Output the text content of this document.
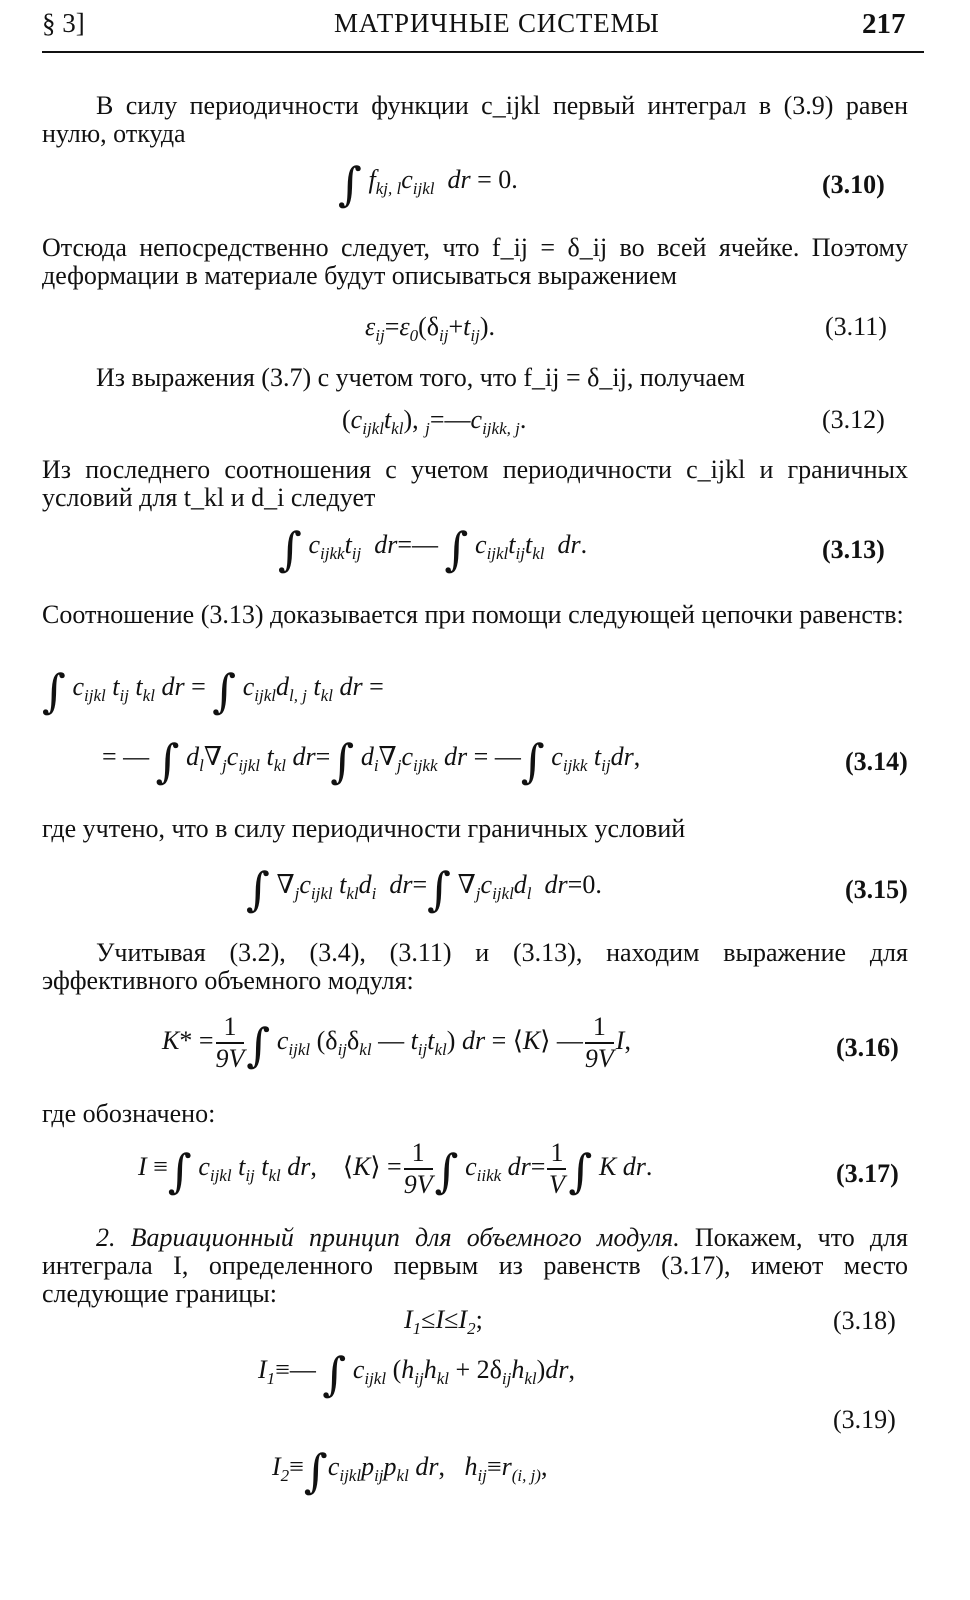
§ 3]	МАТРИЧНЫЕ СИСТЕМЫ	217
В силу периодичности функции c_ijkl первый интеграл в (3.9) равен нулю, откуда
∫ $f_{kj, l}c_{ijkl}$  dr = 0.	(3.10)
Отсюда непосредственно следует, что f_ij = δ_ij во всей ячейке. Поэтому деформации в материале будут описываться выражением
$\varepsilon_{ij}=\varepsilon_0(\delta_{ij}+t_{ij})$.	(3.11)
Из выражения (3.7) с учетом того, что f_ij = δ_ij, получаем
$(c_{ijkl}t_{kl})$, $_j=—c_{ijkk, j}$.	(3.12)
Из последнего соотношения с учетом периодичности c_ijkl и граничных условий для t_kl и d_i следует
∫ $c_{ijkk}t_{ij}$  dr=— ∫ $c_{ijkl}t_{ij}t_{kl}$  dr.	(3.13)
Соотношение (3.13) доказывается при помощи следующей цепочки равенств:
∫ $c_{ijkl}$ $t_{ij}$ $t_{kl}$ dr = ∫ $c_{ijkl}d_{l, j}$ $t_{kl}$ dr =
= — ∫ $d_l\nabla_jc_{ijkl}$ $t_{kl}$ dr=∫ $d_i\nabla_jc_{ijkk}$ dr = —∫ $c_{ijkk}$ $t_{ij}dr$,	(3.14)
где учтено, что в силу периодичности граничных условий
∫ $\nabla_jc_{ijkl}$ $t_{kl}d_i$  dr=∫ $\nabla_jc_{ijkl}d_l$  dr=0.	(3.15)
Учитывая (3.2), (3.4), (3.11) и (3.13), находим выражение для эффективного объемного модуля:
$K* = \frac{1}{9V}$ ∫ $c_{ijkl}$ ($\delta_{ij}\delta_{kl}$ — $t_{ij}t_{kl}$) dr = ⟨K⟩ — $\frac{1}{9V} I$,	(3.16)
где обозначено:
I ≡∫ $c_{ijkl}$ $t_{ij}$ $t_{kl}$ dr, ⟨K⟩ = $\frac{1}{9V}$ ∫ $c_{iikk}$ $dr= \frac{1}{V}$ ∫ K dr.	(3.17)
2. Вариационный принцип для объемного модуля. Покажем, что для интеграла I, определенного первым из равенств (3.17), имеют место следующие границы:
$I_1\le I\le I_2$;	(3.18)
$I_1\equiv—$ ∫ $c_{ijkl}$ $(h_{ij}h_{kl} + 2\delta_{ij}h_{kl})dr$,
(3.19)
$I_2\equiv\int c_{ijkl}p_{ij}p_{kl}$ dr,   $h_{ij}\equiv r_{(i, j)}$,
